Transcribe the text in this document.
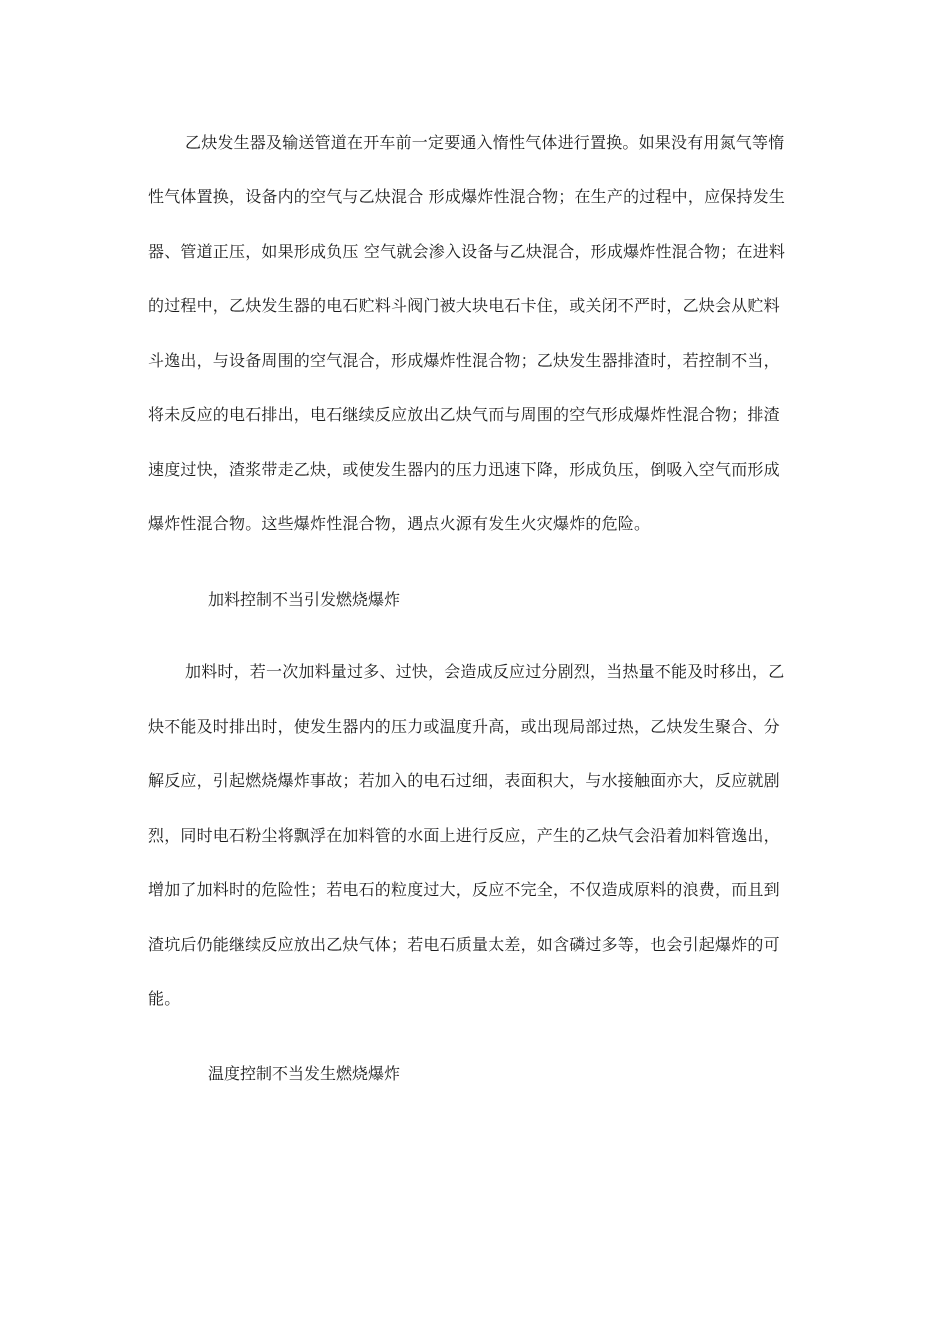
乙炔发生器及输送管道在开车前一定要通入惰性气体进行置换。如果没有用氮气等惰
性气体置换，设备内的空气与乙炔混合 形成爆炸性混合物；在生产的过程中，应保持发生
器、管道正压，如果形成负压 空气就会渗入设备与乙炔混合，形成爆炸性混合物；在进料
的过程中，乙炔发生器的电石贮料斗阀门被大块电石卡住，或关闭不严时，乙炔会从贮料
斗逸出，与设备周围的空气混合，形成爆炸性混合物；乙炔发生器排渣时，若控制不当，
将未反应的电石排出，电石继续反应放出乙炔气而与周围的空气形成爆炸性混合物；排渣
速度过快，渣浆带走乙炔，或使发生器内的压力迅速下降，形成负压，倒吸入空气而形成
爆炸性混合物。这些爆炸性混合物，遇点火源有发生火灾爆炸的危险。
加料控制不当引发燃烧爆炸
加料时，若一次加料量过多、过快，会造成反应过分剧烈，当热量不能及时移出，乙
炔不能及时排出时，使发生器内的压力或温度升高，或出现局部过热，乙炔发生聚合、分
解反应，引起燃烧爆炸事故；若加入的电石过细，表面积大，与水接触面亦大，反应就剧
烈，同时电石粉尘将飘浮在加料管的水面上进行反应，产生的乙炔气会沿着加料管逸出，
增加了加料时的危险性；若电石的粒度过大，反应不完全，不仅造成原料的浪费，而且到
渣坑后仍能继续反应放出乙炔气体；若电石质量太差，如含磷过多等，也会引起爆炸的可
能。
温度控制不当发生燃烧爆炸
